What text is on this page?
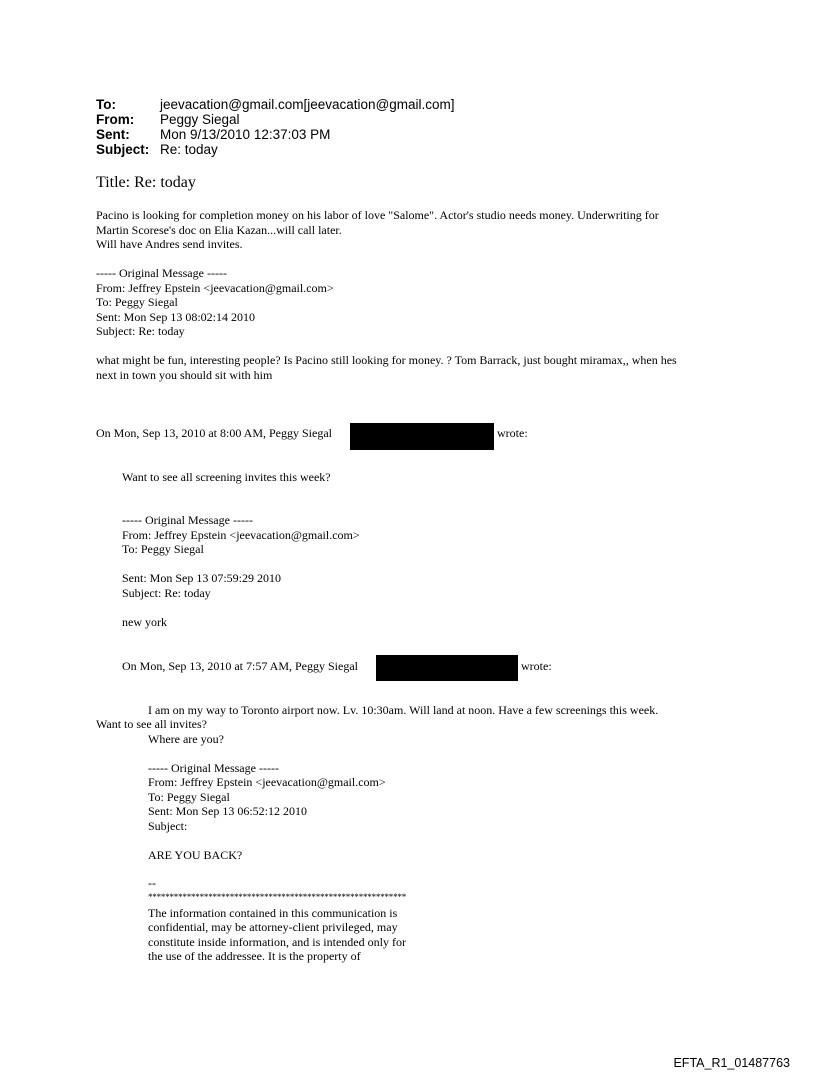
To:	jeevacation@gmail.com[jeevacation@gmail.com]
From: Peggy Siegal
Sent: Mon 9/13/2010 12:37:03 PM
Subject: Re: today
Title: Re: today
Pacino is looking for completion money on his labor of love "Salome". Actor's studio needs money. Underwriting for
Martin Scorese's doc on Elia Kazan...will call later.
Will have Andres send invites.
----- Original Message -----
From: Jeffrey Epstein <jeevacation@gmail.com>
To: Peggy Siegal
Sent: Mon Sep 13 08:02:14 2010
Subject: Re: today
what might be fun, interesting people? Is Pacino still looking for money. ? Tom Barrack, just bought miramax,, when hes
next in town you should sit with him
On Mon, Sep 13, 2010 at 8:00 AM, Peggy Siegal	wrote:
Want to see all screening invites this week?
----- Original Message -----
From: Jeffrey Epstein <jeevacation@gmail.com>
To: Peggy Siegal
Sent: Mon Sep 13 07:59:29 2010
Subject: Re: today
new york
On Mon, Sep 13, 2010 at 7:57 AM, Peggy Siegal	wrote:
I am on my way to Toronto airport now. Lv. 10:30am. Will land at noon. Have a few screenings this week.
Want to see all invites?
Where are you?
----- Original Message -----
From: Jeffrey Epstein <jeevacation@gmail.com>
To: Peggy Siegal
Sent: Mon Sep 13 06:52:12 2010
Subject:
ARE YOU BACK?
--
************************************************************
The information contained in this communication is
confidential, may be attorney-client privileged, may
constitute inside information, and is intended only for
the use of the addressee. It is the property of
EFTA_R1_01487763
